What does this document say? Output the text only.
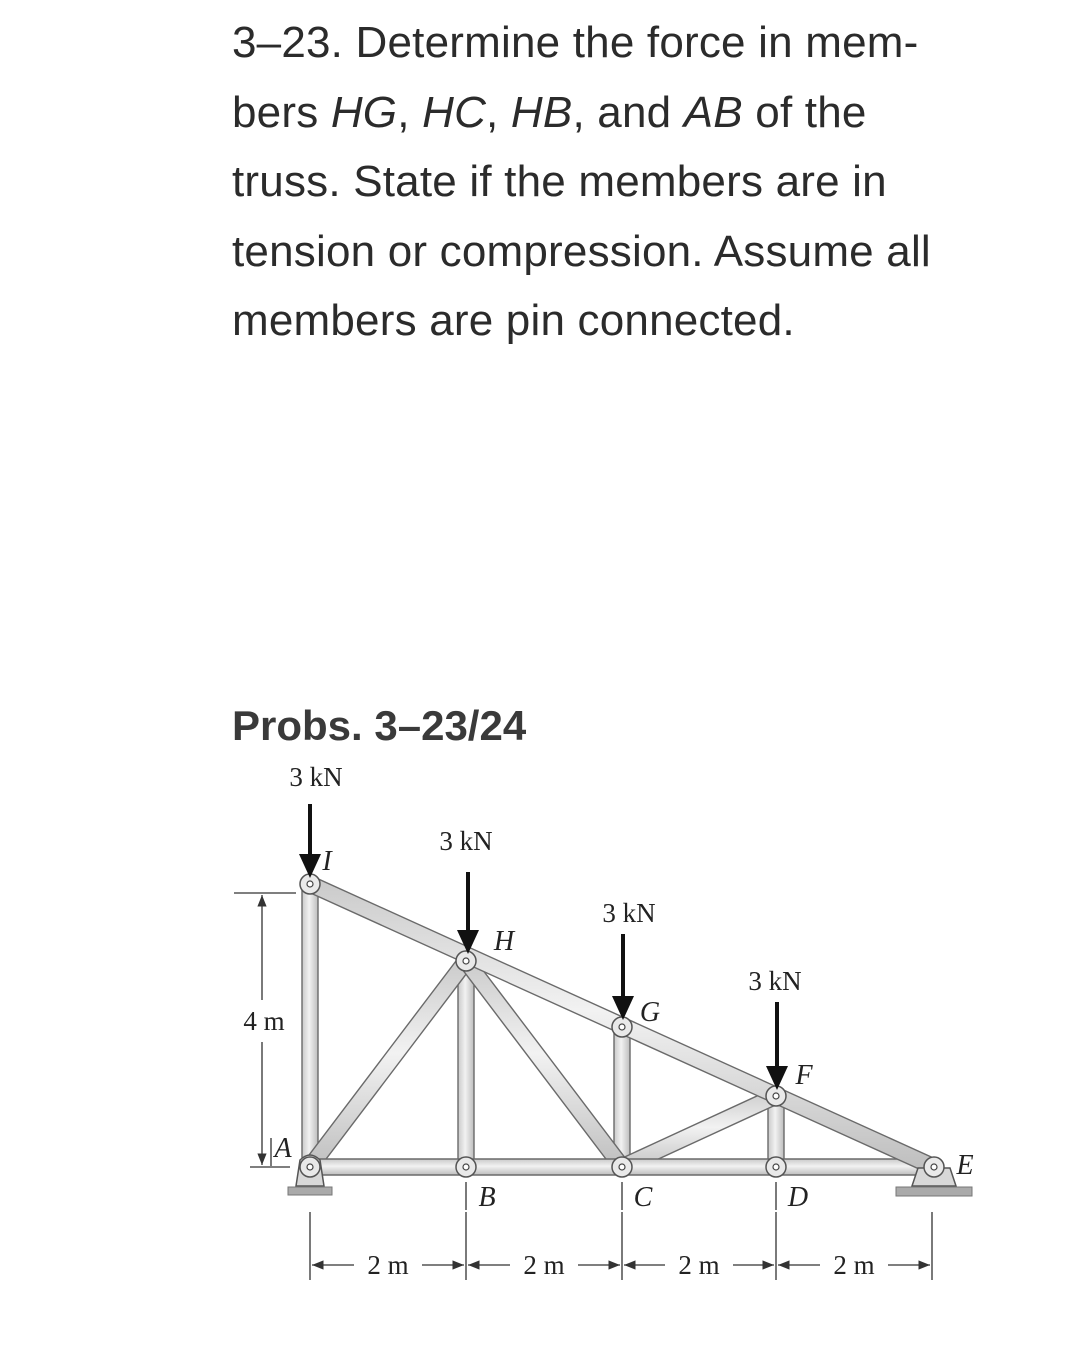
3–23. Determine the force in mem-
bers HG, HC, HB, and AB of the
truss. State if the members are in
tension or compression. Assume all
members are pin connected.
Probs. 3–23/24
3 kN
3 kN
3 kN
3 kN
I
H
G
F
E
A
B	C	D
4 m
2 m	2 m	2 m	2 m
